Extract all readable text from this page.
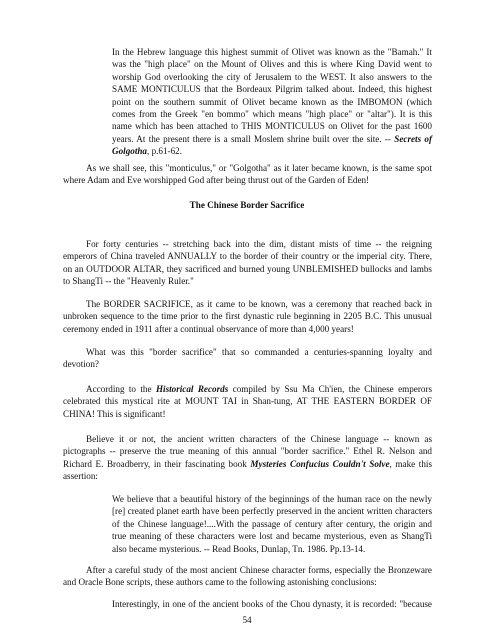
In the Hebrew language this highest summit of Olivet was known as the "Bamah." It was the "high place" on the Mount of Olives and this is where King David went to worship God overlooking the city of Jerusalem to the WEST. It also answers to the SAME MONTICULUS that the Bordeaux Pilgrim talked about. Indeed, this highest point on the southern summit of Olivet became known as the IMBOMON (which comes from the Greek "en bommo" which means "high place" or "altar"). It is this name which has been attached to THIS MONTICULUS on Olivet for the past 1600 years. At the present there is a small Moslem shrine built over the site. -- Secrets of Golgotha, p.61-62.

As we shall see, this "monticulus," or "Golgotha" as it later became known, is the same spot where Adam and Eve worshipped God after being thrust out of the Garden of Eden!

The Chinese Border Sacrifice

For forty centuries -- stretching back into the dim, distant mists of time -- the reigning emperors of China traveled ANNUALLY to the border of their country or the imperial city. There, on an OUTDOOR ALTAR, they sacrificed and burned young UNBLEMISHED bullocks and lambs to ShangTi -- the "Heavenly Ruler."

The BORDER SACRIFICE, as it came to be known, was a ceremony that reached back in unbroken sequence to the time prior to the first dynastic rule beginning in 2205 B.C. This unusual ceremony ended in 1911 after a continual observance of more than 4,000 years!

What was this "border sacrifice" that so commanded a centuries-spanning loyalty and devotion?

According to the Historical Records compiled by Ssu Ma Ch'ien, the Chinese emperors celebrated this mystical rite at MOUNT TAI in Shan-tung, AT THE EASTERN BORDER OF CHINA! This is significant!

Believe it or not, the ancient written characters of the Chinese language -- known as pictographs -- preserve the true meaning of this annual "border sacrifice." Ethel R. Nelson and Richard E. Broadberry, in their fascinating book Mysteries Confucius Couldn't Solve, make this assertion:

We believe that a beautiful history of the beginnings of the human race on the newly [re] created planet earth have been perfectly preserved in the ancient written characters of the Chinese language!....With the passage of century after century, the origin and true meaning of these characters were lost and became mysterious, even as ShangTi also became mysterious. -- Read Books, Dunlap, Tn. 1986. Pp.13-14.

After a careful study of the most ancient Chinese character forms, especially the Bronzeware and Oracle Bone scripts, these authors came to the following astonishing conclusions:

Interestingly, in one of the ancient books of the Chou dynasty, it is recorded: "because

54
